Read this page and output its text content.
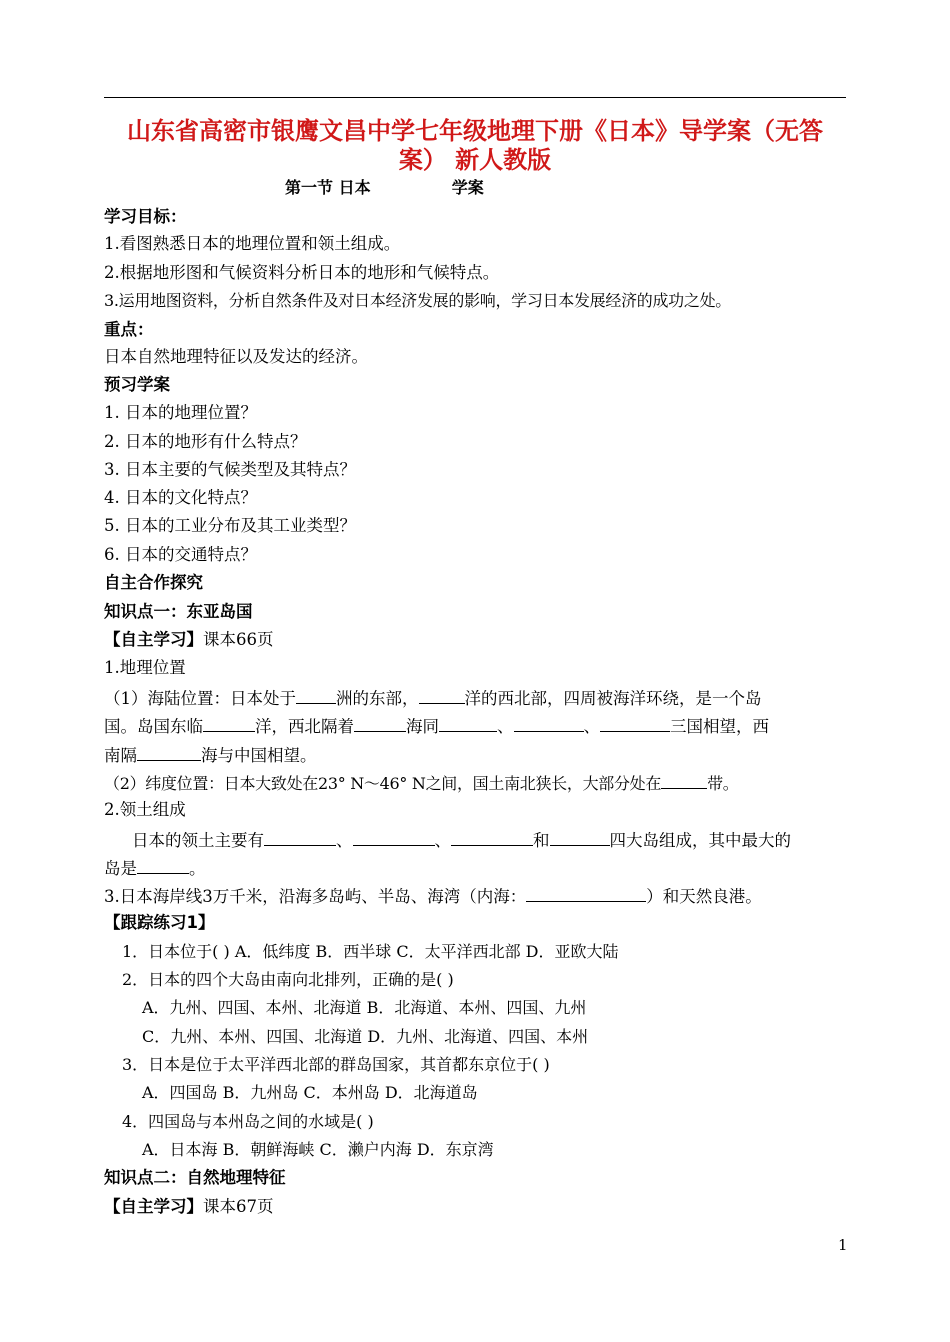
山东省高密市银鹰文昌中学七年级地理下册《日本》导学案（无答
案） 新人教版
第一节 日本	学案
学习目标：
1.看图熟悉日本的地理位置和领土组成。
2.根据地形图和气候资料分析日本的地形和气候特点。
3.运用地图资料，分析自然条件及对日本经济发展的影响，学习日本发展经济的成功之处。
重点：
日本自然地理特征以及发达的经济。
预习学案
1. 日本的地理位置？
2. 日本的地形有什么特点？
3. 日本主要的气候类型及其特点？
4. 日本的文化特点？
5. 日本的工业分布及其工业类型？
6. 日本的交通特点？
自主合作探究
知识点一：东亚岛国
【自主学习】课本66页
1.地理位置
（1）海陆位置：日本处于 洲的东部，	洋的西北部，四周被海洋环绕，是一个岛
国。岛国东临	洋，西北隔着	海同	、	、	三国相望，西
南隔	海与中国相望。
（2）纬度位置：日本大致处在23° N～46° N之间，国土南北狭长，大部分处在	带。
2.领土组成
日本的领土主要有	、	、	和	四大岛组成，其中最大的
岛是	。
3.日本海岸线3万千米，沿海多岛屿、半岛、海湾（内海：	）和天然良港。
【跟踪练习1】
1．日本位于( ) A．低纬度 B．西半球 C．太平洋西北部 D．亚欧大陆
2．日本的四个大岛由南向北排列，正确的是( )
A．九州、四国、本州、北海道 B．北海道、本州、四国、九州
C．九州、本州、四国、北海道 D．九州、北海道、四国、本州
3．日本是位于太平洋西北部的群岛国家，其首都东京位于( )
A．四国岛 B．九州岛 C．本州岛 D．北海道岛
4．四国岛与本州岛之间的水域是( )
A．日本海 B．朝鲜海峡 C．濑户内海 D．东京湾
知识点二：自然地理特征
【自主学习】课本67页
1
